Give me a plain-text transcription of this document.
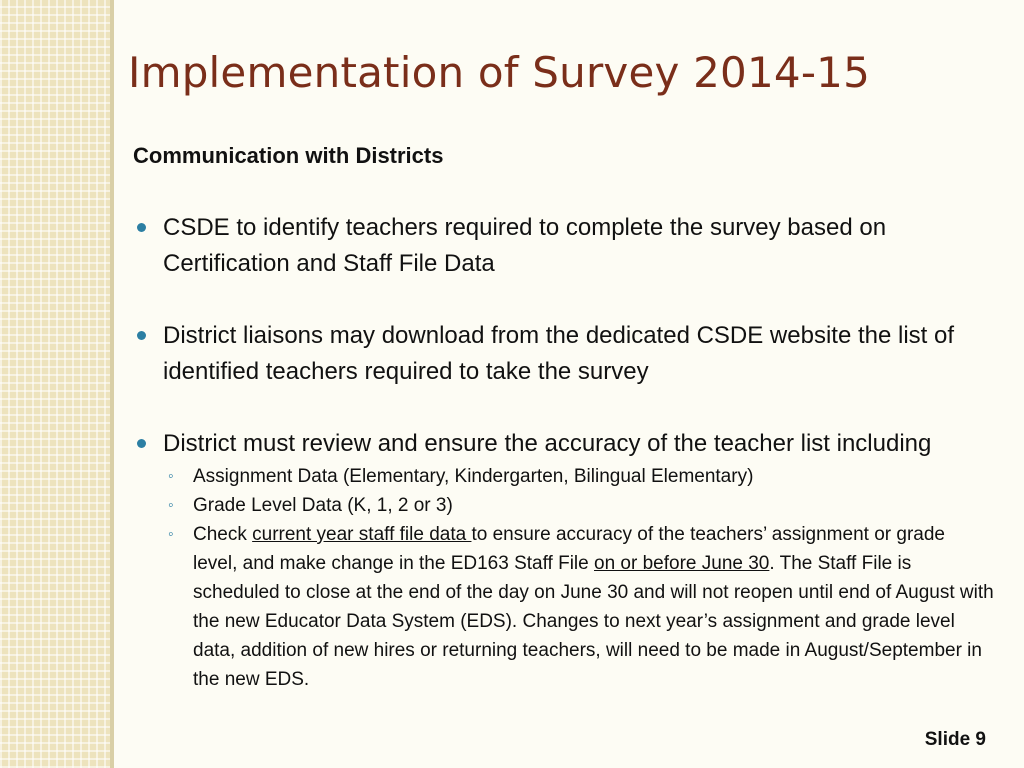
Implementation of Survey 2014-15
Communication with Districts
CSDE to identify teachers required to complete the survey based on Certification and Staff File Data
District liaisons may download from the dedicated CSDE website the list of identified teachers required to take the survey
District must review and ensure the accuracy of the teacher list including
◦ Assignment Data (Elementary, Kindergarten, Bilingual Elementary)
◦ Grade Level Data (K, 1, 2 or 3)
◦ Check current year staff file data to ensure accuracy of the teachers’ assignment or grade level, and make change in the ED163 Staff File on or before June 30. The Staff File is scheduled to close at the end of the day on June 30 and will not reopen until end of August with the new Educator Data System (EDS). Changes to next year’s assignment and grade level data, addition of new hires or returning teachers, will need to be made in August/September in the new EDS.
Slide 9
